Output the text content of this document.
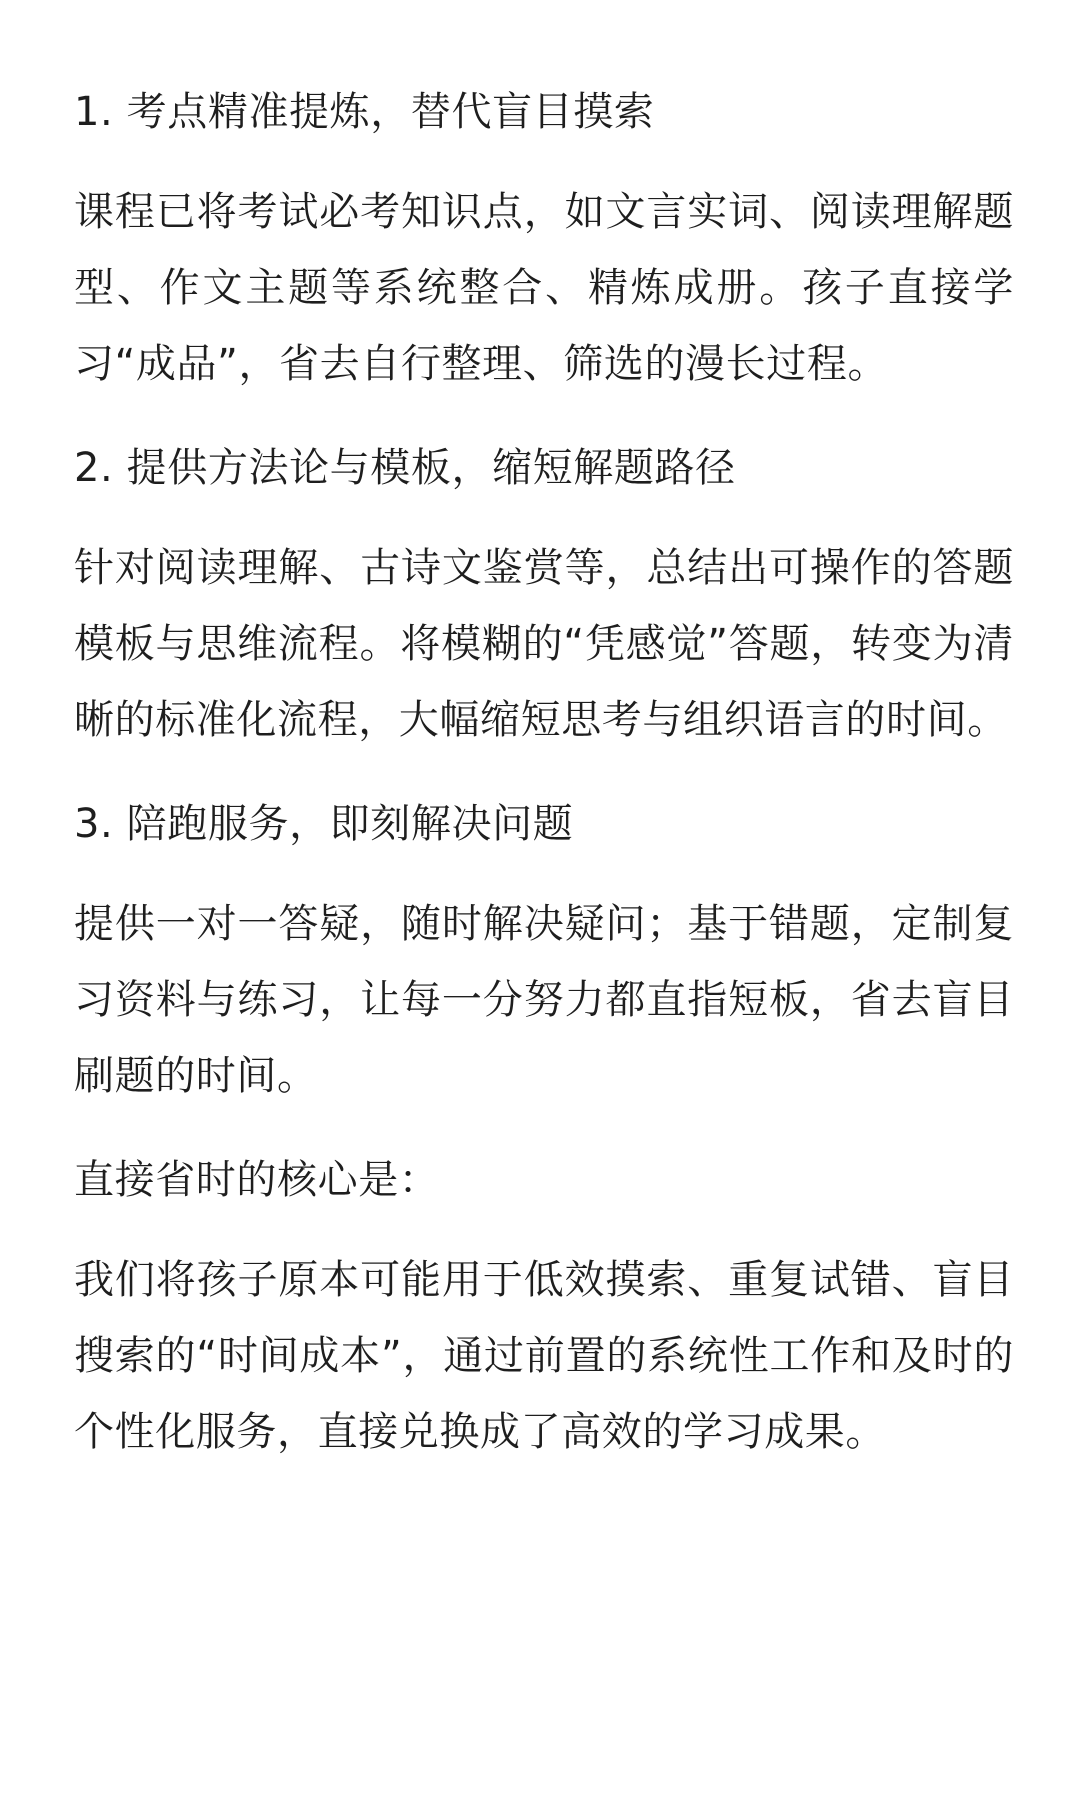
1. 考点精准提炼，替代盲目摸索

课程已将考试必考知识点，如文言实词、阅读理解题型、作文主题等系统整合、精炼成册。孩子直接学习“成品”，省去自行整理、筛选的漫长过程。

2. 提供方法论与模板，缩短解题路径

针对阅读理解、古诗文鉴赏等，总结出可操作的答题模板与思维流程。将模糊的“凭感觉”答题，转变为清晰的标准化流程，大幅缩短思考与组织语言的时间。

3. 陪跑服务，即刻解决问题

提供一对一答疑，随时解决疑问；基于错题，定制复习资料与练习，让每一分努力都直指短板，省去盲目刷题的时间。

直接省时的核心是：

我们将孩子原本可能用于低效摸索、重复试错、盲目搜索的“时间成本”，通过前置的系统性工作和及时的个性化服务，直接兑换成了高效的学习成果。
